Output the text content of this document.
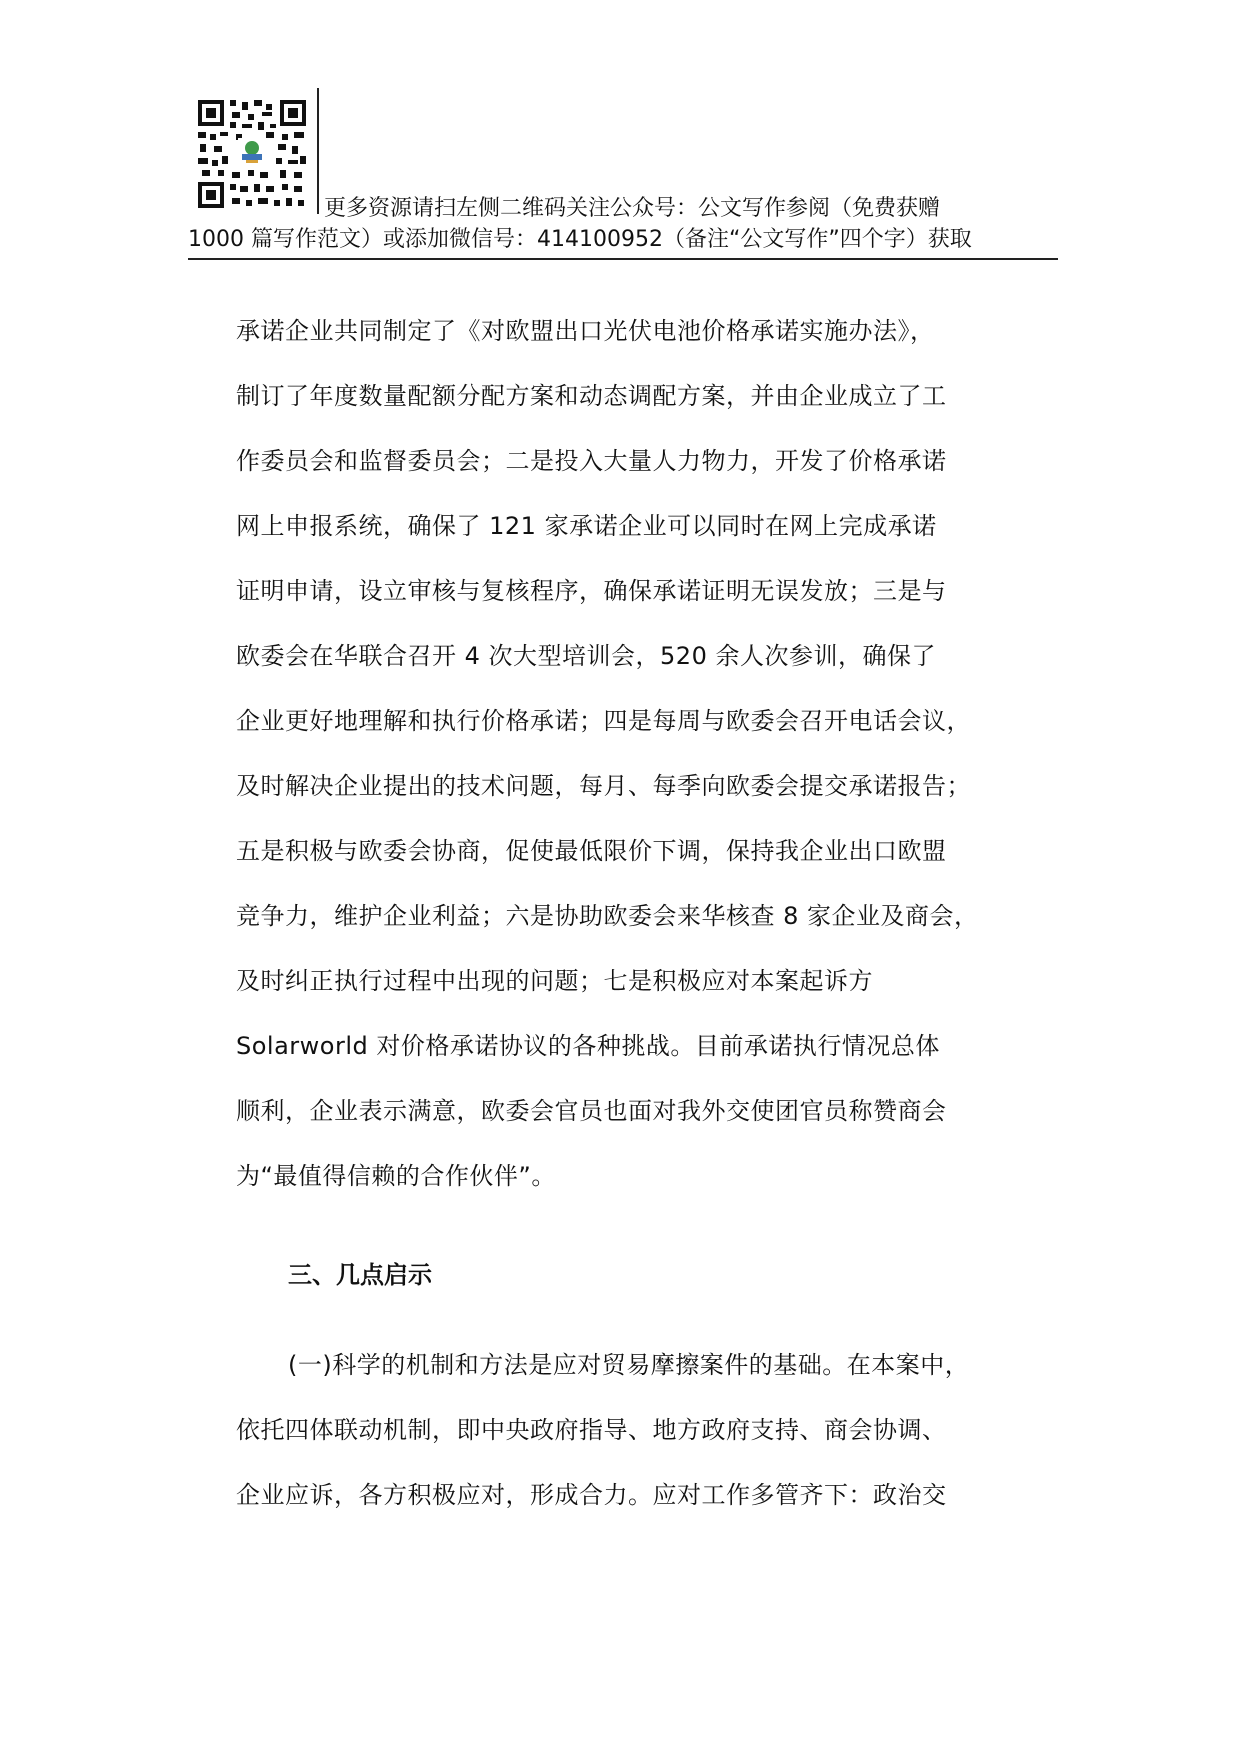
更多资源请扫左侧二维码关注公众号：公文写作参阅（免费获赠
1000 篇写作范文）或添加微信号：414100952（备注“公文写作”四个字）获取
承诺企业共同制定了《对欧盟出口光伏电池价格承诺实施办法》，
制订了年度数量配额分配方案和动态调配方案，并由企业成立了工
作委员会和监督委员会；二是投入大量人力物力，开发了价格承诺
网上申报系统，确保了 121 家承诺企业可以同时在网上完成承诺
证明申请，设立审核与复核程序，确保承诺证明无误发放；三是与
欧委会在华联合召开 4 次大型培训会，520 余人次参训，确保了
企业更好地理解和执行价格承诺；四是每周与欧委会召开电话会议，
及时解决企业提出的技术问题，每月、每季向欧委会提交承诺报告；
五是积极与欧委会协商，促使最低限价下调，保持我企业出口欧盟
竞争力，维护企业利益；六是协助欧委会来华核查 8 家企业及商会，
及时纠正执行过程中出现的问题；七是积极应对本案起诉方
Solarworld 对价格承诺协议的各种挑战。目前承诺执行情况总体
顺利，企业表示满意，欧委会官员也面对我外交使团官员称赞商会
为“最值得信赖的合作伙伴”。
三、几点启示
(一)科学的机制和方法是应对贸易摩擦案件的基础。在本案中，
依托四体联动机制，即中央政府指导、地方政府支持、商会协调、
企业应诉，各方积极应对，形成合力。应对工作多管齐下：政治交
